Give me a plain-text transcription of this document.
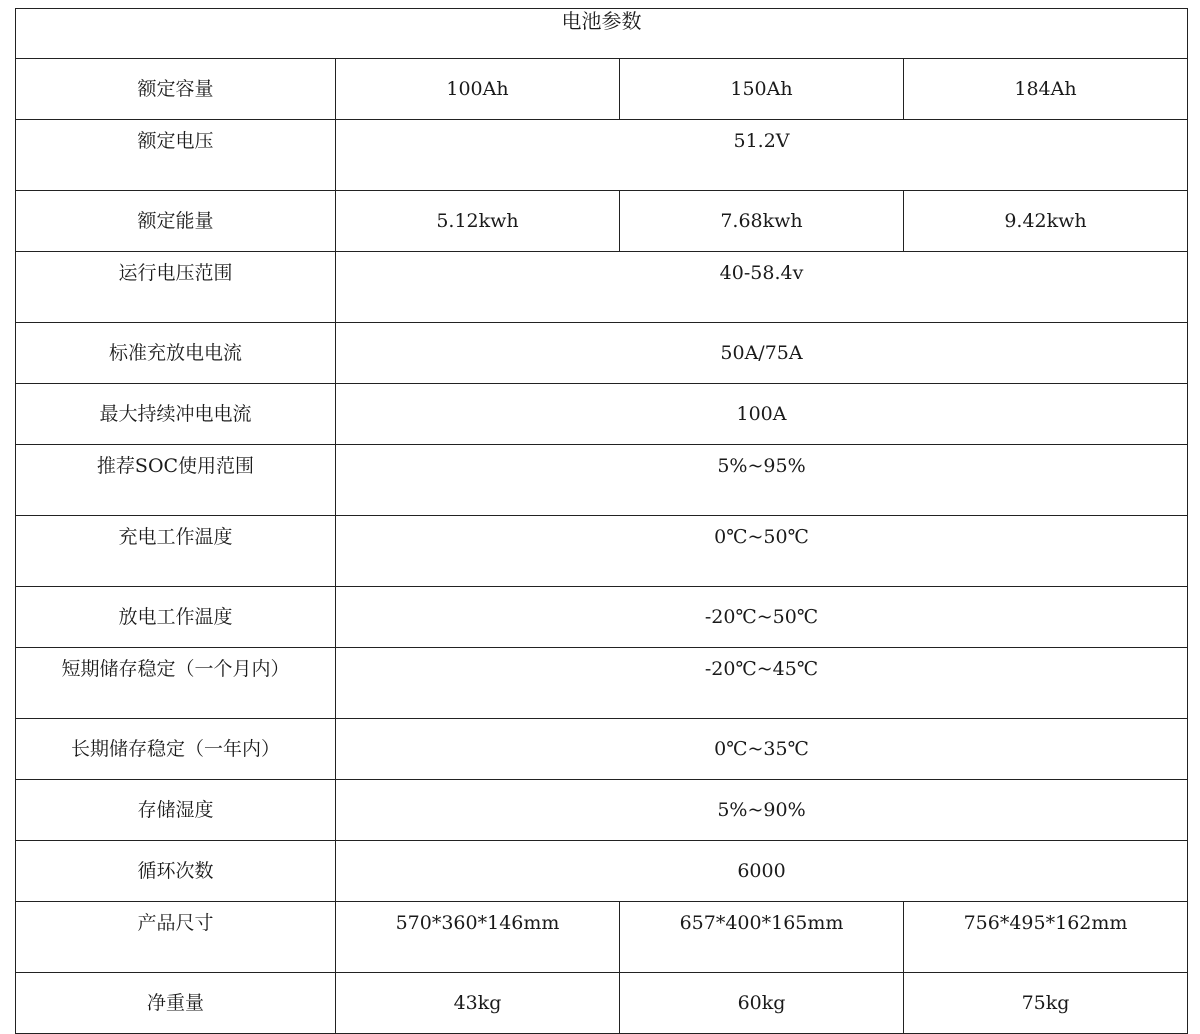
电池参数			
额定容量	100Ah	150Ah	184Ah
额定电压	51.2V		
额定能量	5.12kwh	7.68kwh	9.42kwh
运行电压范围	40-58.4v		
标准充放电电流	50A/75A		
最大持续冲电电流	100A		
推荐SOC使用范围	5%~95%		
充电工作温度	0℃~50℃		
放电工作温度	-20℃~50℃		
短期储存稳定（一个月内）	-20℃~45℃		
长期储存稳定（一年内）	0℃~35℃		
存储湿度	5%~90%		
循环次数	6000		
产品尺寸	570*360*146mm	657*400*165mm	756*495*162mm
净重量	43kg	60kg	75kg
